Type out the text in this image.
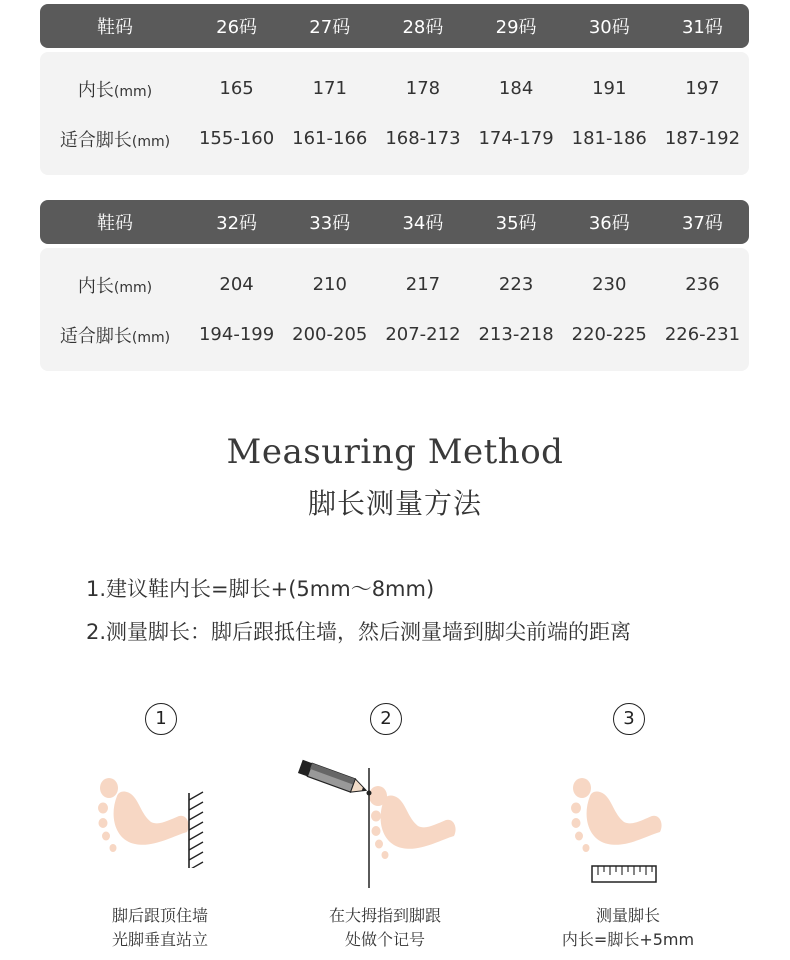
鞋码	26码	27码	28码	29码	30码	31码
内长(mm)	165	171	178	184	191	197
适合脚长(mm)	155-160 161-166 168-173 174-179 181-186 187-192
鞋码	32码	33码	34码	35码	36码	37码
内长(mm)	204	210	217	223	230	236
适合脚长(mm)	194-199 200-205 207-212 213-218 220-225 226-231
Measuring Method
脚长测量方法
1.建议鞋内长=脚长+(5mm～8mm)
2.测量脚长：脚后跟抵住墙，然后测量墙到脚尖前端的距离
1
脚后跟顶住墙
光脚垂直站立
2
在大拇指到脚跟
处做个记号
3
测量脚长
内长=脚长+5mm
